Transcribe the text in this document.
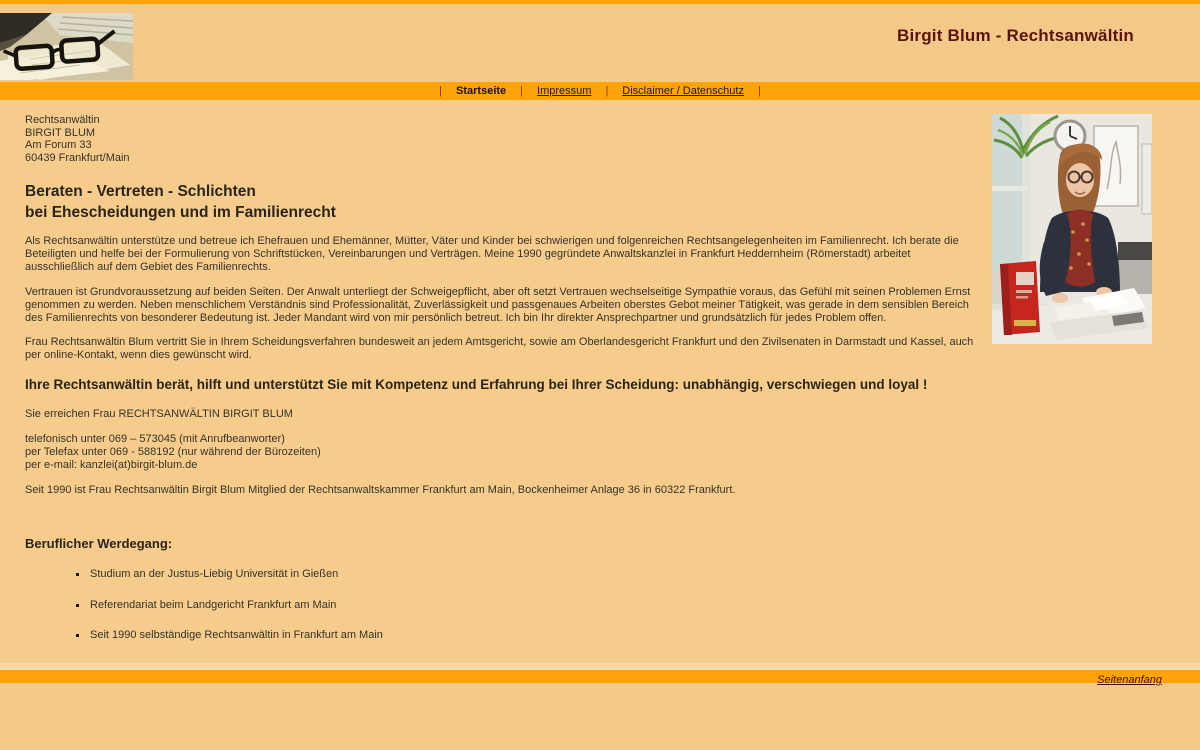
Birgit Blum - Rechtsanwältin
| Startseite | Impressum | Disclaimer / Datenschutz |
Rechtsanwältin
BIRGIT BLUM
Am Forum 33
60439 Frankfurt/Main
Beraten - Vertreten - Schlichten
bei Ehescheidungen und im Familienrecht

Als Rechtsanwältin unterstütze und betreue ich Ehefrauen und Ehemänner, Mütter, Väter und Kinder bei schwierigen und folgenreichen Rechtsangelegenheiten im Familienrecht. Ich berate die Beteiligten und helfe bei der Formulierung von Schriftstücken, Vereinbarungen und Verträgen. Meine 1990 gegründete Anwaltskanzlei in Frankfurt Heddernheim (Römerstadt) arbeitet ausschließlich auf dem Gebiet des Familienrechts.

Vertrauen ist Grundvoraussetzung auf beiden Seiten. Der Anwalt unterliegt der Schweigepflicht, aber oft setzt Vertrauen wechselseitige Sympathie voraus, das Gefühl mit seinen Problemen Ernst genommen zu werden. Neben menschlichem Verständnis sind Professionalität, Zuverlässigkeit und passgenaues Arbeiten oberstes Gebot meiner Tätigkeit, was gerade in dem sensiblen Bereich des Familienrechts von besonderer Bedeutung ist. Jeder Mandant wird von mir persönlich betreut. Ich bin Ihr direkter Ansprechpartner und grundsätzlich für jedes Problem offen.

Frau Rechtsanwältin Blum vertritt Sie in Ihrem Scheidungsverfahren bundesweit an jedem Amtsgericht, sowie am Oberlandesgericht Frankfurt und den Zivilsenaten in Darmstadt und Kassel, auch per online-Kontakt, wenn dies gewünscht wird.

Ihre Rechtsanwältin berät, hilft und unterstützt Sie mit Kompetenz und Erfahrung bei Ihrer Scheidung: unabhängig, verschwiegen und loyal !

Sie erreichen Frau RECHTSANWÄLTIN BIRGIT BLUM

telefonisch unter 069 – 573045 (mit Anrufbeanworter)
per Telefax unter 069 - 588192 (nur während der Bürozeiten)
per e-mail: kanzlei(at)birgit-blum.de

Seit 1990 ist Frau Rechtsanwältin Birgit Blum Mitglied der Rechtsanwaltskammer Frankfurt am Main, Bockenheimer Anlage 36 in 60322 Frankfurt.

Beruflicher Werdegang:
▪ Studium an der Justus-Liebig Universität in Gießen
▪ Referendariat beim Landgericht Frankfurt am Main
▪ Seit 1990 selbständige Rechtsanwältin in Frankfurt am Main
Seitenanfang
